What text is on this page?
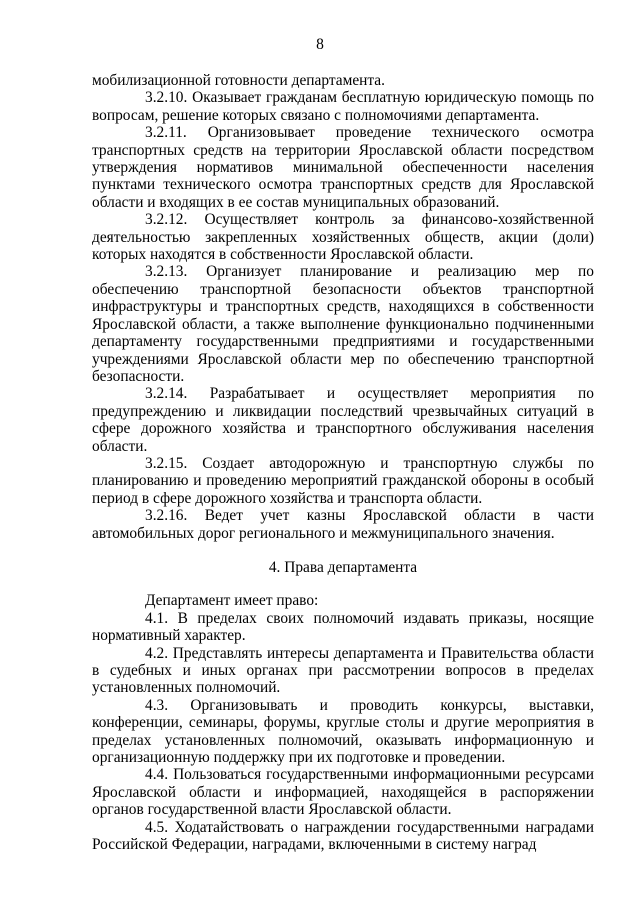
8

мобилизационной готовности департамента.

3.2.10. Оказывает гражданам бесплатную юридическую помощь по вопросам, решение которых связано с полномочиями департамента.

3.2.11. Организовывает проведение технического осмотра транспортных средств на территории Ярославской области посредством утверждения нормативов минимальной обеспеченности населения пунктами технического осмотра транспортных средств для Ярославской области и входящих в ее состав муниципальных образований.

3.2.12. Осуществляет контроль за финансово-хозяйственной деятельностью закрепленных хозяйственных обществ, акции (доли) которых находятся в собственности Ярославской области.

3.2.13. Организует планирование и реализацию мер по обеспечению транспортной безопасности объектов транспортной инфраструктуры и транспортных средств, находящихся в собственности Ярославской области, а также выполнение функционально подчиненными департаменту государственными предприятиями и государственными учреждениями Ярославской области мер по обеспечению транспортной безопасности.

3.2.14. Разрабатывает и осуществляет мероприятия по предупреждению и ликвидации последствий чрезвычайных ситуаций в сфере дорожного хозяйства и транспортного обслуживания населения области.

3.2.15. Создает автодорожную и транспортную службы по планированию и проведению мероприятий гражданской обороны в особый период в сфере дорожного хозяйства и транспорта области.

3.2.16. Ведет учет казны Ярославской области в части автомобильных дорог регионального и межмуниципального значения.

4. Права департамента

Департамент имеет право:

4.1. В пределах своих полномочий издавать приказы, носящие нормативный характер.

4.2. Представлять интересы департамента и Правительства области в судебных и иных органах при рассмотрении вопросов в пределах установленных полномочий.

4.3. Организовывать и проводить конкурсы, выставки, конференции, семинары, форумы, круглые столы и другие мероприятия в пределах установленных полномочий, оказывать информационную и организационную поддержку при их подготовке и проведении.

4.4. Пользоваться государственными информационными ресурсами Ярославской области и информацией, находящейся в распоряжении органов государственной власти Ярославской области.

4.5. Ходатайствовать о награждении государственными наградами Российской Федерации, наградами, включенными в систему наград
